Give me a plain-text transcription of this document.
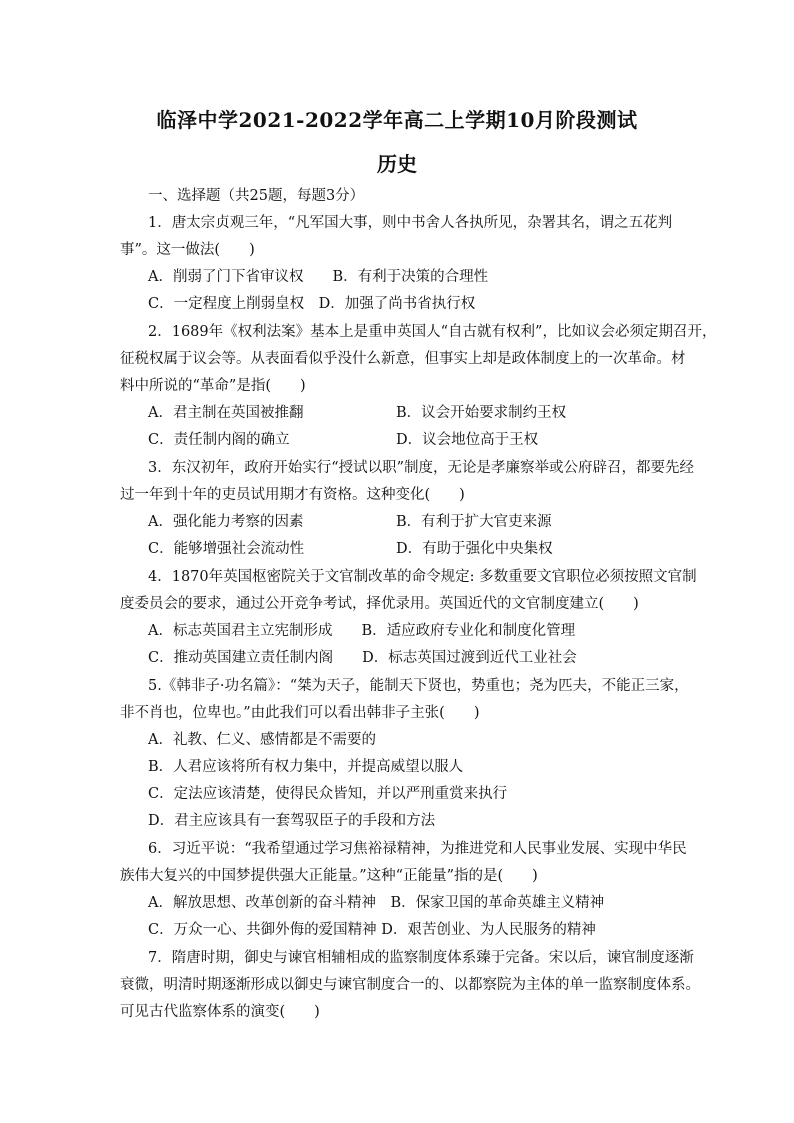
临泽中学2021-2022学年高二上学期10月阶段测试
历史
一、选择题（共25题，每题3分）
1．唐太宗贞观三年，“凡军国大事，则中书舍人各执所见，杂署其名，谓之五花判
事”。这一做法(　　)
A．削弱了门下省审议权　　B．有利于决策的合理性
C．一定程度上削弱皇权　D．加强了尚书省执行权
2．1689年《权利法案》基本上是重申英国人“自古就有权利”，比如议会必须定期召开，
征税权属于议会等。从表面看似乎没什么新意，但事实上却是政体制度上的一次革命。材
料中所说的“革命”是指(　　)
A．君主制在英国被推翻	B．议会开始要求制约王权
C．责任制内阁的确立	D．议会地位高于王权
3．东汉初年，政府开始实行“授试以职”制度，无论是孝廉察举或公府辟召，都要先经
过一年到十年的吏员试用期才有资格。这种变化(　　)
A．强化能力考察的因素	B．有利于扩大官吏来源
C．能够增强社会流动性	D．有助于强化中央集权
4．1870年英国枢密院关于文官制改革的命令规定: 多数重要文官职位必须按照文官制
度委员会的要求，通过公开竞争考试，择优录用。英国近代的文官制度建立(　　)
A．标志英国君主立宪制形成　　B．适应政府专业化和制度化管理
C．推动英国建立责任制内阁　　D．标志英国过渡到近代工业社会
5.《韩非子·功名篇》：“桀为天子，能制天下贤也，势重也；尧为匹夫，不能正三家，
非不肖也，位卑也。”由此我们可以看出韩非子主张(　　)
A．礼教、仁义、感情都是不需要的
B．人君应该将所有权力集中，并提高威望以服人
C．定法应该清楚，使得民众皆知，并以严刑重赏来执行
D．君主应该具有一套驾驭臣子的手段和方法
6．习近平说：“我希望通过学习焦裕禄精神，为推进党和人民事业发展、实现中华民
族伟大复兴的中国梦提供强大正能量。”这种“正能量”指的是(　　)
A．解放思想、改革创新的奋斗精神　B．保家卫国的革命英雄主义精神
C．万众一心、共御外侮的爱国精神 D．艰苦创业、为人民服务的精神
7．隋唐时期，御史与谏官相辅相成的监察制度体系臻于完备。宋以后，谏官制度逐渐
衰微，明清时期逐渐形成以御史与谏官制度合一的、以都察院为主体的单一监察制度体系。
可见古代监察体系的演变(　　)
